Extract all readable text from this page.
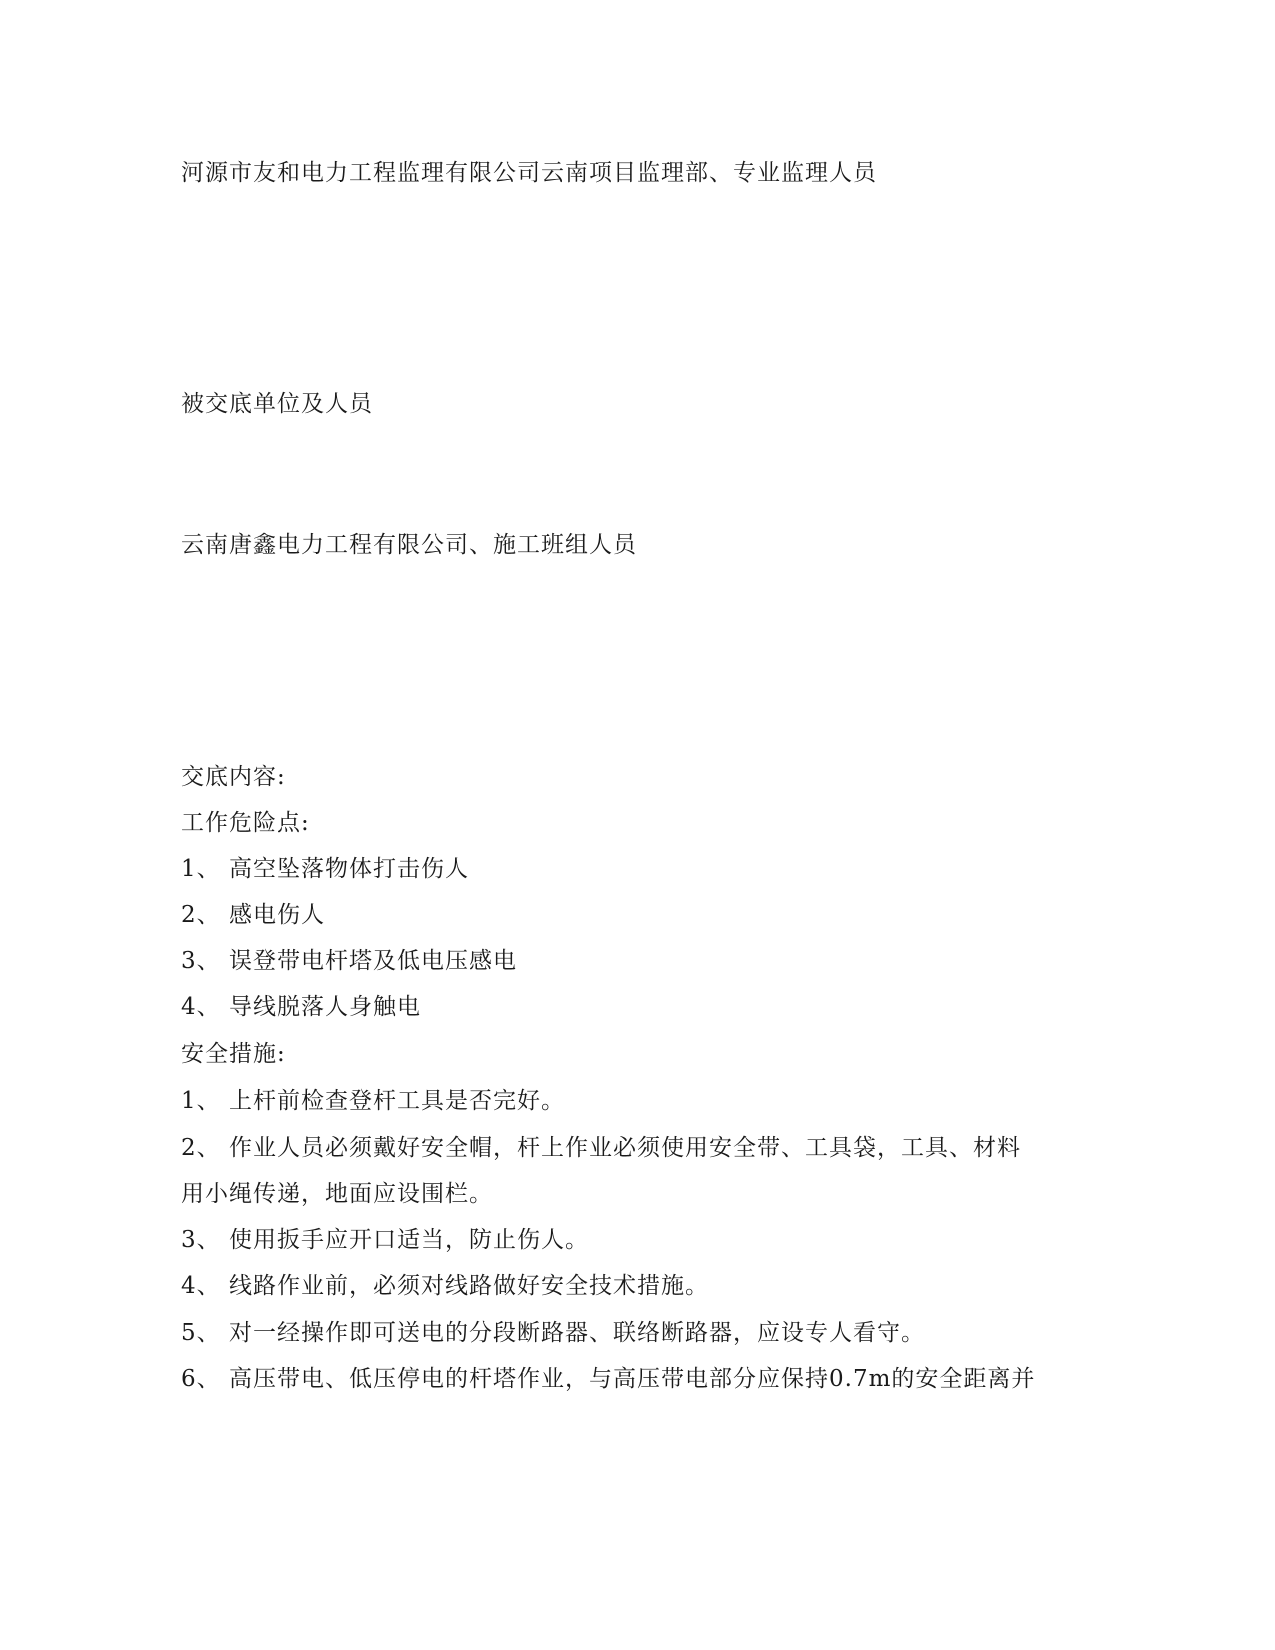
河源市友和电力工程监理有限公司云南项目监理部、专业监理人员
被交底单位及人员
云南唐鑫电力工程有限公司、施工班组人员
交底内容:
工作危险点:
1、 高空坠落物体打击伤人
2、 感电伤人
3、 误登带电杆塔及低电压感电
4、 导线脱落人身触电
安全措施:
1、 上杆前检查登杆工具是否完好。
2、 作业人员必须戴好安全帽，杆上作业必须使用安全带、工具袋，工具、材料
用小绳传递，地面应设围栏。
3、 使用扳手应开口适当，防止伤人。
4、 线路作业前，必须对线路做好安全技术措施。
5、 对一经操作即可送电的分段断路器、联络断路器，应设专人看守。
6、 高压带电、低压停电的杆塔作业，与高压带电部分应保持0.7m的安全距离并
